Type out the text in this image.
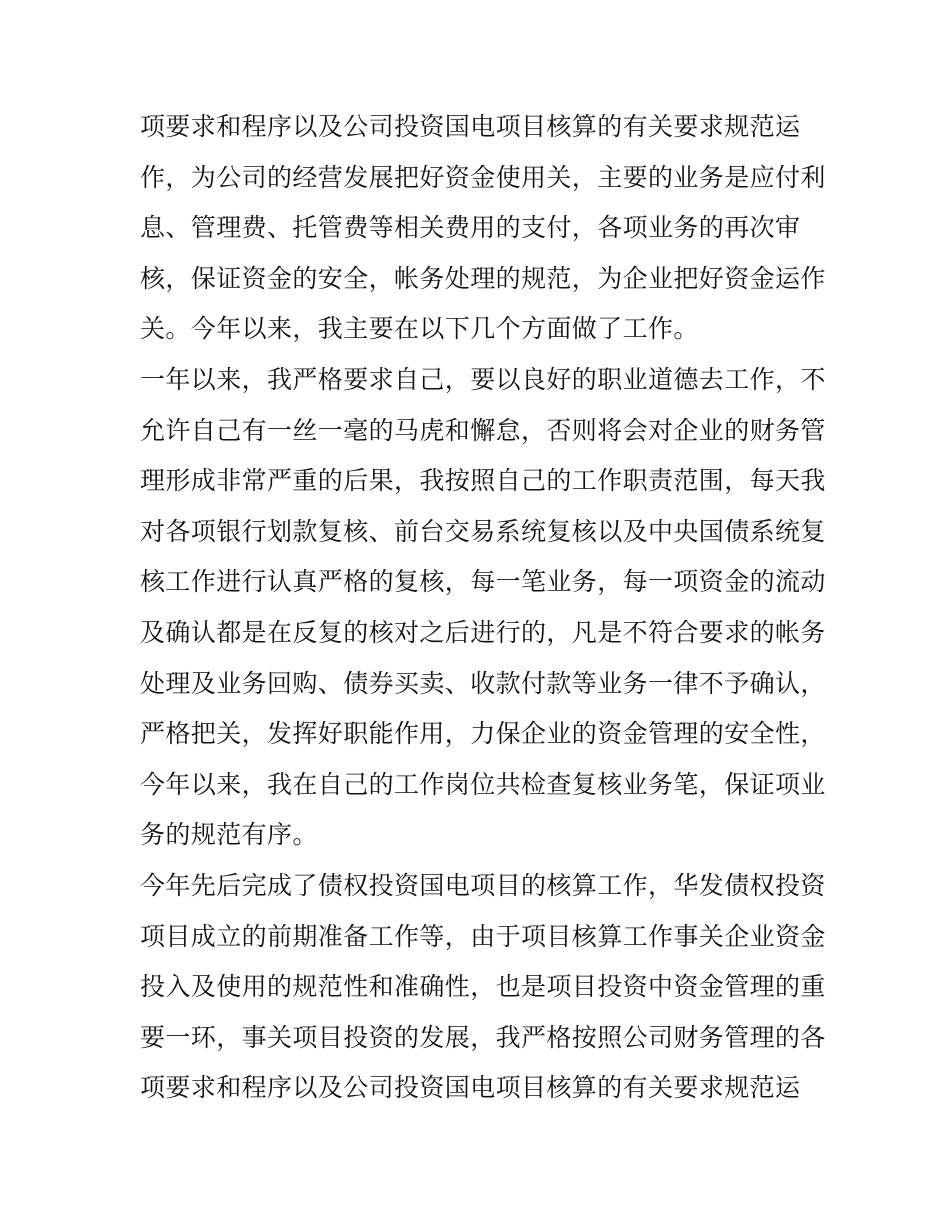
项要求和程序以及公司投资国电项目核算的有关要求规范运
作，为公司的经营发展把好资金使用关，主要的业务是应付利
息、管理费、托管费等相关费用的支付，各项业务的再次审
核，保证资金的安全，帐务处理的规范，为企业把好资金运作
关。今年以来，我主要在以下几个方面做了工作。
一年以来，我严格要求自己，要以良好的职业道德去工作，不
允许自己有一丝一毫的马虎和懈怠，否则将会对企业的财务管
理形成非常严重的后果，我按照自己的工作职责范围，每天我
对各项银行划款复核、前台交易系统复核以及中央国债系统复
核工作进行认真严格的复核，每一笔业务，每一项资金的流动
及确认都是在反复的核对之后进行的，凡是不符合要求的帐务
处理及业务回购、债券买卖、收款付款等业务一律不予确认，
严格把关，发挥好职能作用，力保企业的资金管理的安全性，
今年以来，我在自己的工作岗位共检查复核业务笔，保证项业
务的规范有序。
今年先后完成了债权投资国电项目的核算工作，华发债权投资
项目成立的前期准备工作等，由于项目核算工作事关企业资金
投入及使用的规范性和准确性，也是项目投资中资金管理的重
要一环，事关项目投资的发展，我严格按照公司财务管理的各
项要求和程序以及公司投资国电项目核算的有关要求规范运
